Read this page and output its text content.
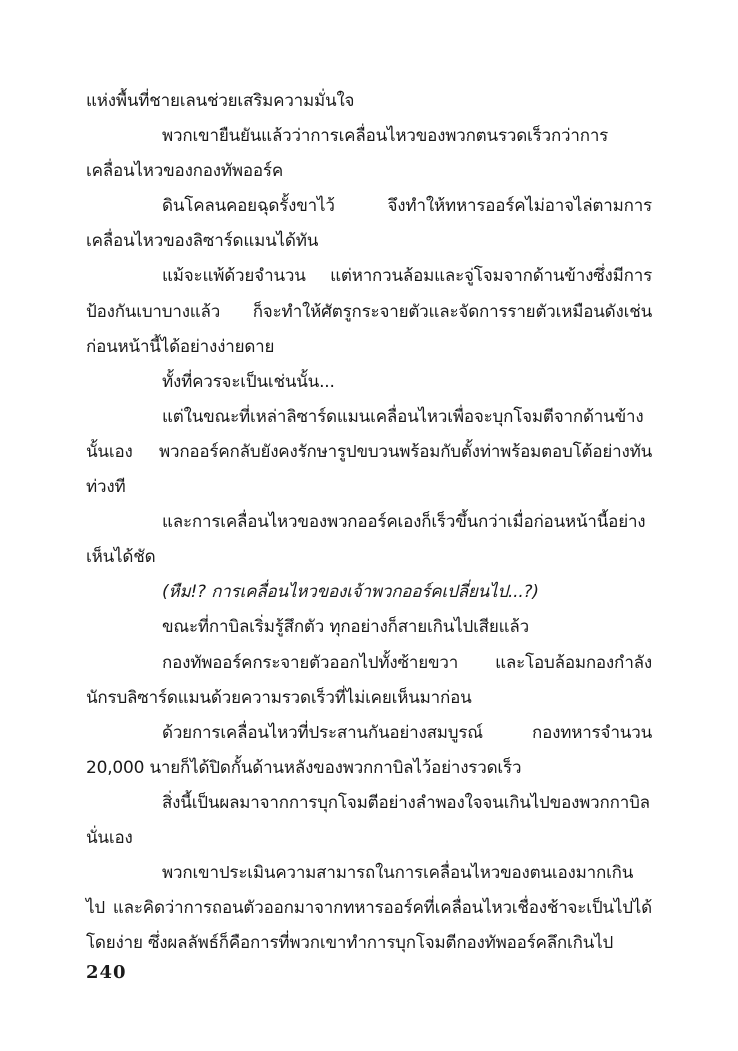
แห่งพื้นที่ชายเลนช่วยเสริมความมั่นใจ

พวกเขายืนยันแล้วว่าการเคลื่อนไหวของพวกตนรวดเร็วกว่าการเคลื่อนไหวของกองทัพออร์ค

ดินโคลนคอยฉุดรั้งขาไว้ จึงทำให้ทหารออร์คไม่อาจไล่ตามการเคลื่อนไหวของลิซาร์ดแมนได้ทัน

แม้จะแพ้ด้วยจำนวน แต่หากวนล้อมและจู่โจมจากด้านข้างซึ่งมีการป้องกันเบาบางแล้ว ก็จะทำให้ศัตรูกระจายตัวและจัดการรายตัวเหมือนดังเช่นก่อนหน้านี้ได้อย่างง่ายดาย

ทั้งที่ควรจะเป็นเช่นนั้น...

แต่ในขณะที่เหล่าลิซาร์ดแมนเคลื่อนไหวเพื่อจะบุกโจมตีจากด้านข้างนั้นเอง พวกออร์คกลับยังคงรักษารูปขบวนพร้อมกับตั้งท่าพร้อมตอบโต้อย่างทันท่วงที

และการเคลื่อนไหวของพวกออร์คเองก็เร็วขึ้นกว่าเมื่อก่อนหน้านี้อย่างเห็นได้ชัด

(หืม!? การเคลื่อนไหวของเจ้าพวกออร์คเปลี่ยนไป...?)

ขณะที่กาบิลเริ่มรู้สึกตัว ทุกอย่างก็สายเกินไปเสียแล้ว

กองทัพออร์คกระจายตัวออกไปทั้งซ้ายขวา และโอบล้อมกองกำลังนักรบลิซาร์ดแมนด้วยความรวดเร็วที่ไม่เคยเห็นมาก่อน

ด้วยการเคลื่อนไหวที่ประสานกันอย่างสมบูรณ์ กองทหารจำนวน 20,000 นายก็ได้ปิดกั้นด้านหลังของพวกกาบิลไว้อย่างรวดเร็ว

สิ่งนี้เป็นผลมาจากการบุกโจมตีอย่างลำพองใจจนเกินไปของพวกกาบิลนั่นเอง

พวกเขาประเมินความสามารถในการเคลื่อนไหวของตนเองมากเกินไป และคิดว่าการถอนตัวออกมาจากทหารออร์คที่เคลื่อนไหวเชื่องช้าจะเป็นไปได้โดยง่าย ซึ่งผลลัพธ์ก็คือการที่พวกเขาทำการบุกโจมตีกองทัพออร์คลึกเกินไป

240
